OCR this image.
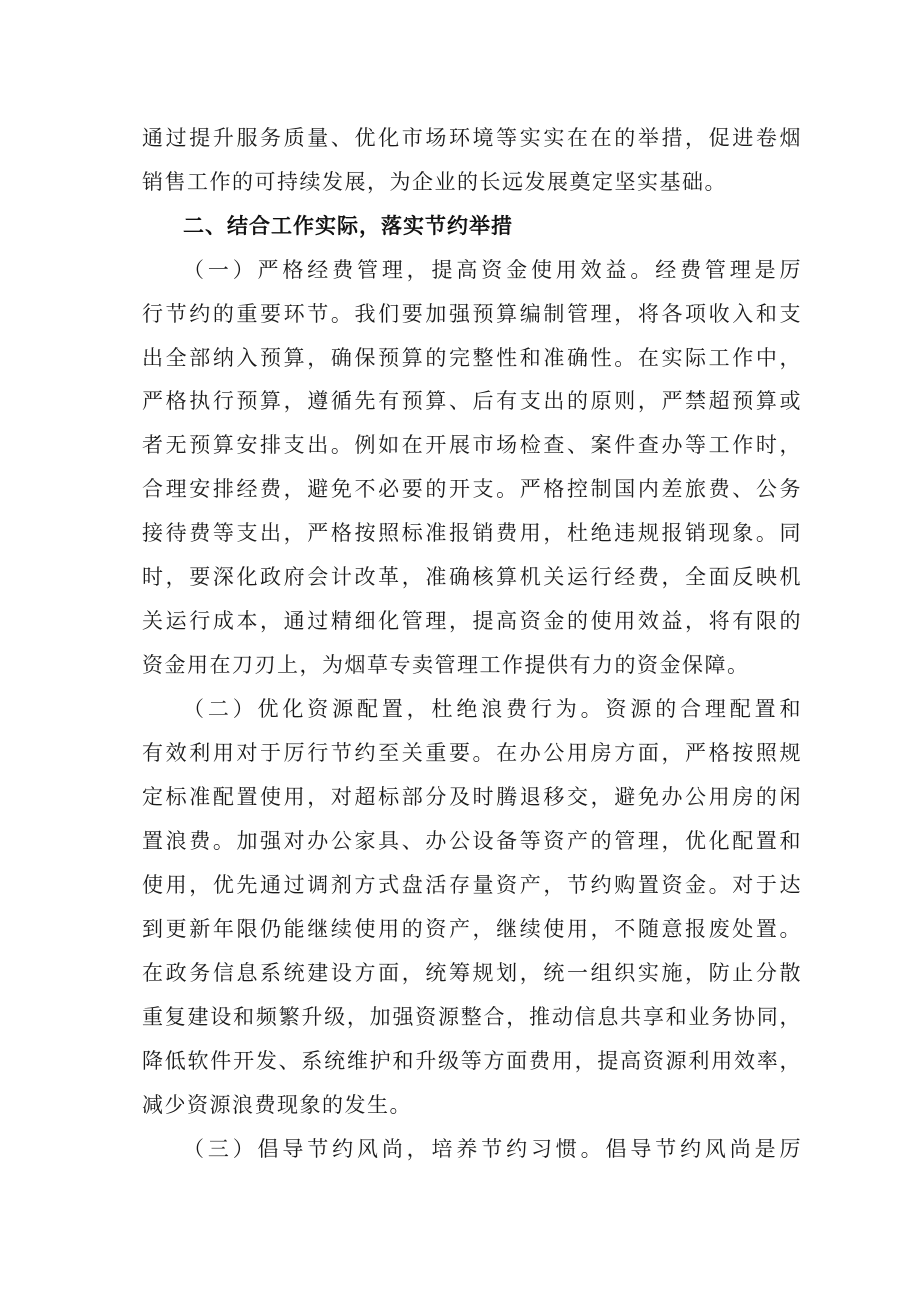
通过提升服务质量、优化市场环境等实实在在的举措，促进卷烟

销售工作的可持续发展，为企业的长远发展奠定坚实基础。

二、结合工作实际，落实节约举措

（一）严格经费管理，提高资金使用效益。经费管理是厉

行节约的重要环节。我们要加强预算编制管理，将各项收入和支

出全部纳入预算，确保预算的完整性和准确性。在实际工作中，

严格执行预算，遵循先有预算、后有支出的原则，严禁超预算或

者无预算安排支出。例如在开展市场检查、案件查办等工作时，

合理安排经费，避免不必要的开支。严格控制国内差旅费、公务

接待费等支出，严格按照标准报销费用，杜绝违规报销现象。同

时，要深化政府会计改革，准确核算机关运行经费，全面反映机

关运行成本，通过精细化管理，提高资金的使用效益，将有限的

资金用在刀刃上，为烟草专卖管理工作提供有力的资金保障。

（二）优化资源配置，杜绝浪费行为。资源的合理配置和

有效利用对于厉行节约至关重要。在办公用房方面，严格按照规

定标准配置使用，对超标部分及时腾退移交，避免办公用房的闲

置浪费。加强对办公家具、办公设备等资产的管理，优化配置和

使用，优先通过调剂方式盘活存量资产，节约购置资金。对于达

到更新年限仍能继续使用的资产，继续使用，不随意报废处置。

在政务信息系统建设方面，统筹规划，统一组织实施，防止分散

重复建设和频繁升级，加强资源整合，推动信息共享和业务协同，

降低软件开发、系统维护和升级等方面费用，提高资源利用效率，

减少资源浪费现象的发生。

（三）倡导节约风尚，培养节约习惯。倡导节约风尚是厉
